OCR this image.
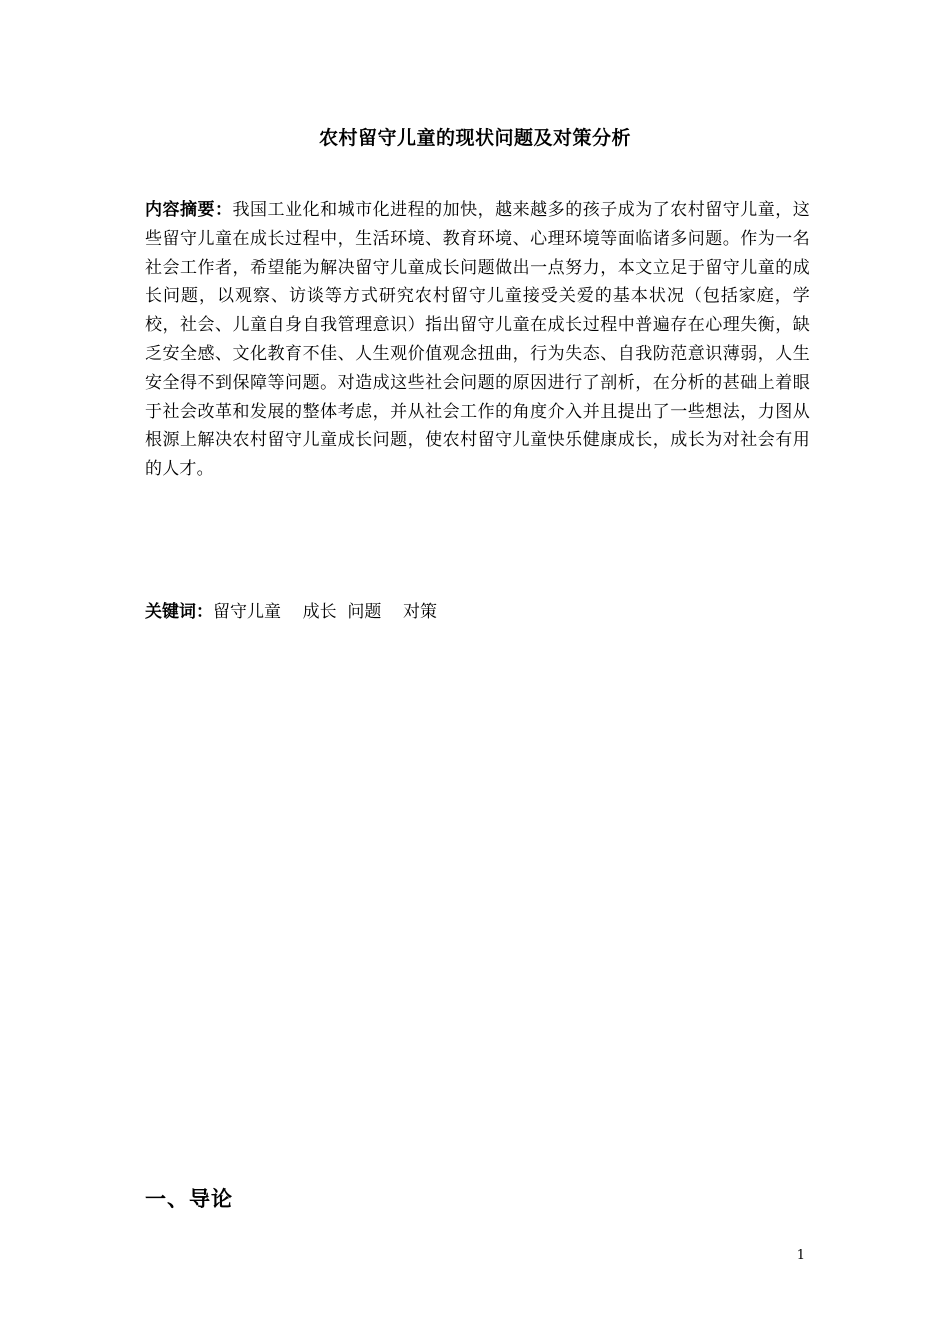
农村留守儿童的现状问题及对策分析
内容摘要：我国工业化和城市化进程的加快，越来越多的孩子成为了农村留守儿童，这些留守儿童在成长过程中，生活环境、教育环境、心理环境等面临诸多问题。作为一名社会工作者，希望能为解决留守儿童成长问题做出一点努力，本文立足于留守儿童的成长问题，以观察、访谈等方式研究农村留守儿童接受关爱的基本状况（包括家庭，学校，社会、儿童自身自我管理意识）指出留守儿童在成长过程中普遍存在心理失衡，缺乏安全感、文化教育不佳、人生观价值观念扭曲，行为失态、自我防范意识薄弱，人生安全得不到保障等问题。对造成这些社会问题的原因进行了剖析，在分析的甚础上着眼于社会改革和发展的整体考虑，并从社会工作的角度介入并且提出了一些想法，力图从根源上解决农村留守儿童成长问题，使农村留守儿童快乐健康成长，成长为对社会有用的人才。
关键词：留守儿童    成长  问题    对策
一、导论
1
